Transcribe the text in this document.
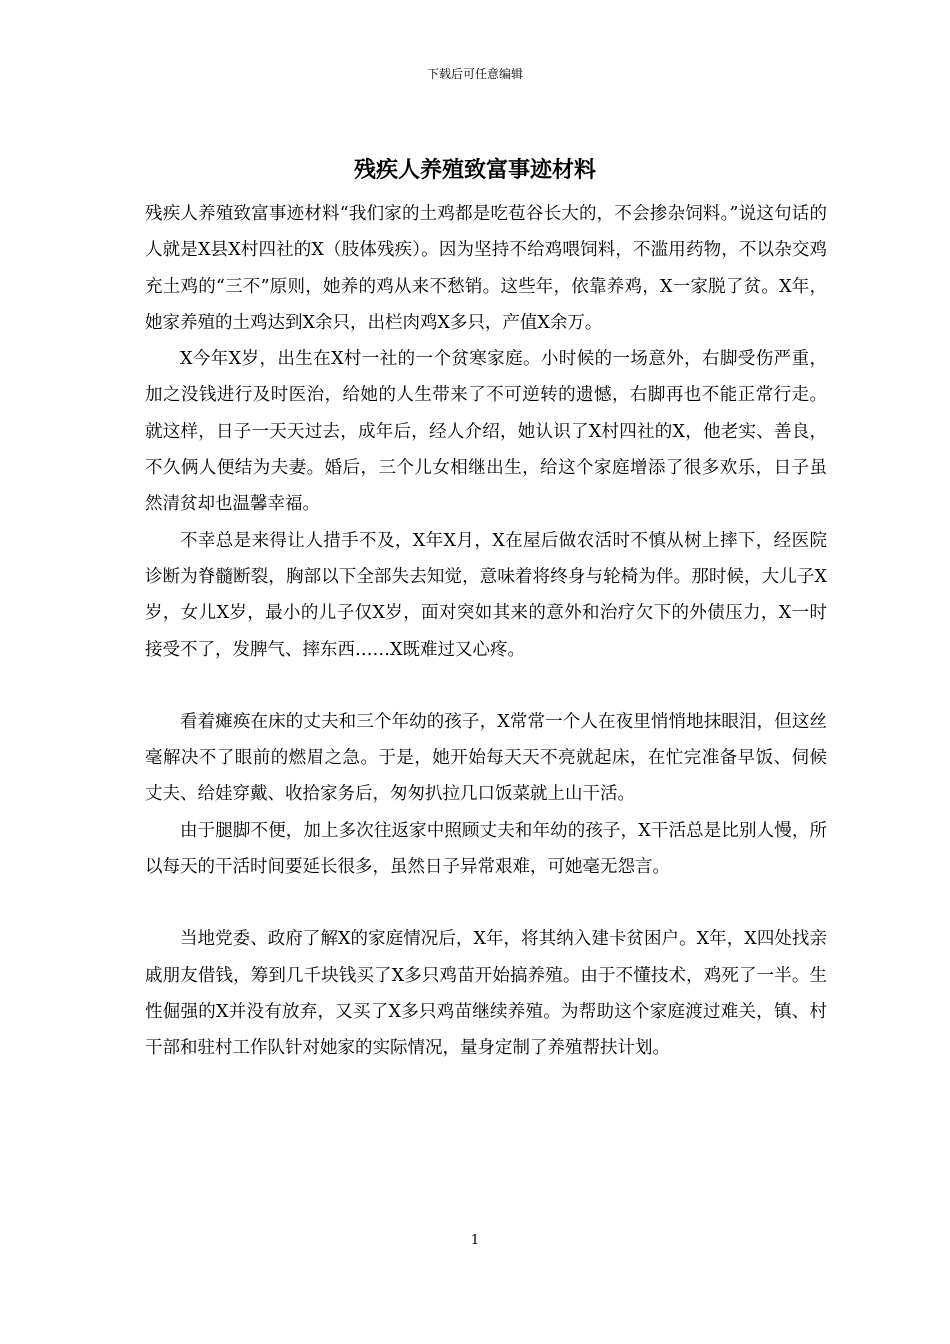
下载后可任意编辑
残疾人养殖致富事迹材料

残疾人养殖致富事迹材料“我们家的土鸡都是吃苞谷长大的，不会掺杂饲料。”说这句话的人就是X县X村四社的X（肢体残疾）。因为坚持不给鸡喂饲料，不滥用药物，不以杂交鸡充土鸡的“三不”原则，她养的鸡从来不愁销。这些年，依靠养鸡，X一家脱了贫。X年，她家养殖的土鸡达到X余只，出栏肉鸡X多只，产值X余万。

X今年X岁，出生在X村一社的一个贫寒家庭。小时候的一场意外，右脚受伤严重，加之没钱进行及时医治，给她的人生带来了不可逆转的遗憾，右脚再也不能正常行走。就这样，日子一天天过去，成年后，经人介绍，她认识了X村四社的X，他老实、善良，不久俩人便结为夫妻。婚后，三个儿女相继出生，给这个家庭增添了很多欢乐，日子虽然清贫却也温馨幸福。

不幸总是来得让人措手不及，X年X月，X在屋后做农活时不慎从树上摔下，经医院诊断为脊髓断裂，胸部以下全部失去知觉，意味着将终身与轮椅为伴。那时候，大儿子X岁，女儿X岁，最小的儿子仅X岁，面对突如其来的意外和治疗欠下的外债压力，X一时接受不了，发脾气、摔东西……X既难过又心疼。

看着瘫痪在床的丈夫和三个年幼的孩子，X常常一个人在夜里悄悄地抹眼泪，但这丝毫解决不了眼前的燃眉之急。于是，她开始每天天不亮就起床，在忙完准备早饭、伺候丈夫、给娃穿戴、收拾家务后，匆匆扒拉几口饭菜就上山干活。

由于腿脚不便，加上多次往返家中照顾丈夫和年幼的孩子，X干活总是比别人慢，所以每天的干活时间要延长很多，虽然日子异常艰难，可她毫无怨言。

当地党委、政府了解X的家庭情况后，X年，将其纳入建卡贫困户。X年，X四处找亲戚朋友借钱，筹到几千块钱买了X多只鸡苗开始搞养殖。由于不懂技术，鸡死了一半。生性倔强的X并没有放弃，又买了X多只鸡苗继续养殖。为帮助这个家庭渡过难关，镇、村干部和驻村工作队针对她家的实际情况，量身定制了养殖帮扶计划。

1
